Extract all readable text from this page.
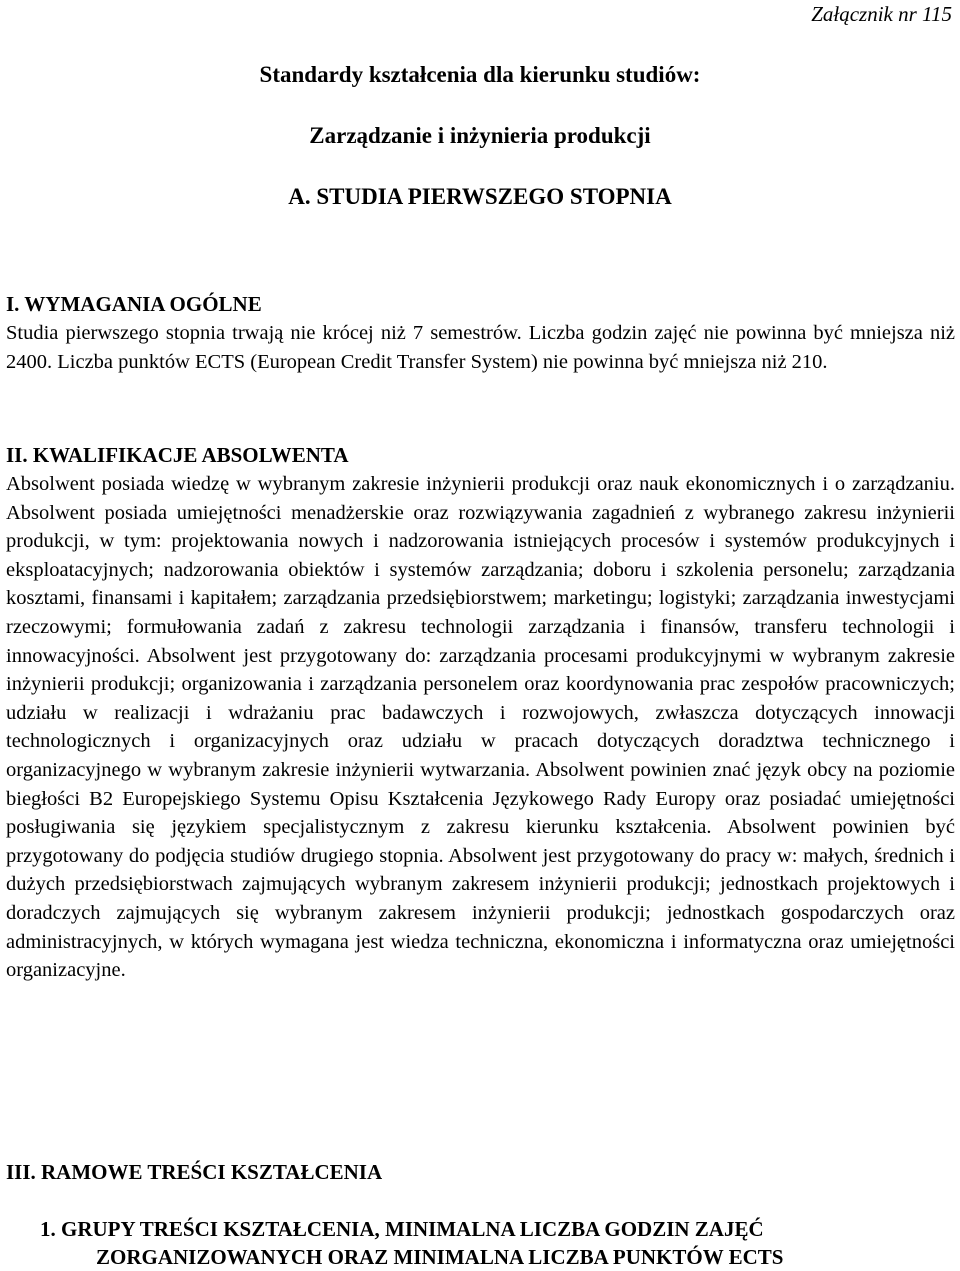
Załącznik nr 115

Standardy kształcenia dla kierunku studiów:
Zarządzanie i inżynieria produkcji
A. STUDIA PIERWSZEGO STOPNIA
I. WYMAGANIA OGÓLNE

Studia pierwszego stopnia trwają nie krócej niż 7 semestrów. Liczba godzin zajęć nie powinna być mniejsza niż 2400. Liczba punktów ECTS (European Credit Transfer System) nie powinna być mniejsza niż 210.

II. KWALIFIKACJE ABSOLWENTA

Absolwent posiada wiedzę w wybranym zakresie inżynierii produkcji oraz nauk ekonomicznych i o zarządzaniu. Absolwent posiada umiejętności menadżerskie oraz rozwiązywania zagadnień z wybranego zakresu inżynierii produkcji, w tym: projektowania nowych i nadzorowania istniejących procesów i systemów produkcyjnych i eksploatacyjnych; nadzorowania obiektów i systemów zarządzania; doboru i szkolenia personelu; zarządzania kosztami, finansami i kapitałem; zarządzania przedsiębiorstwem; marketingu; logistyki; zarządzania inwestycjami rzeczowymi; formułowania zadań z zakresu technologii zarządzania i finansów, transferu technologii i innowacyjności. Absolwent jest przygotowany do: zarządzania procesami produkcyjnymi w wybranym zakresie inżynierii produkcji; organizowania i zarządzania personelem oraz koordynowania prac zespołów pracowniczych; udziału w realizacji i wdrażaniu prac badawczych i rozwojowych, zwłaszcza dotyczących innowacji technologicznych i organizacyjnych oraz udziału w pracach dotyczących doradztwa technicznego i organizacyjnego w wybranym zakresie inżynierii wytwarzania. Absolwent powinien znać język obcy na poziomie biegłości B2 Europejskiego Systemu Opisu Kształcenia Językowego Rady Europy oraz posiadać umiejętności posługiwania się językiem specjalistycznym z zakresu kierunku kształcenia. Absolwent powinien być przygotowany do podjęcia studiów drugiego stopnia. Absolwent jest przygotowany do pracy w: małych, średnich i dużych przedsiębiorstwach zajmujących wybranym zakresem inżynierii produkcji; jednostkach projektowych i doradczych zajmujących się wybranym zakresem inżynierii produkcji; jednostkach gospodarczych oraz administracyjnych, w których wymagana jest wiedza techniczna, ekonomiczna i informatyczna oraz umiejętności organizacyjne.

III. RAMOWE TREŚCI KSZTAŁCENIA
1. GRUPY TREŚCI KSZTAŁCENIA, MINIMALNA LICZBA GODZIN ZAJĘĆ
ZORGANIZOWANYCH ORAZ MINIMALNA LICZBA PUNKTÓW ECTS
